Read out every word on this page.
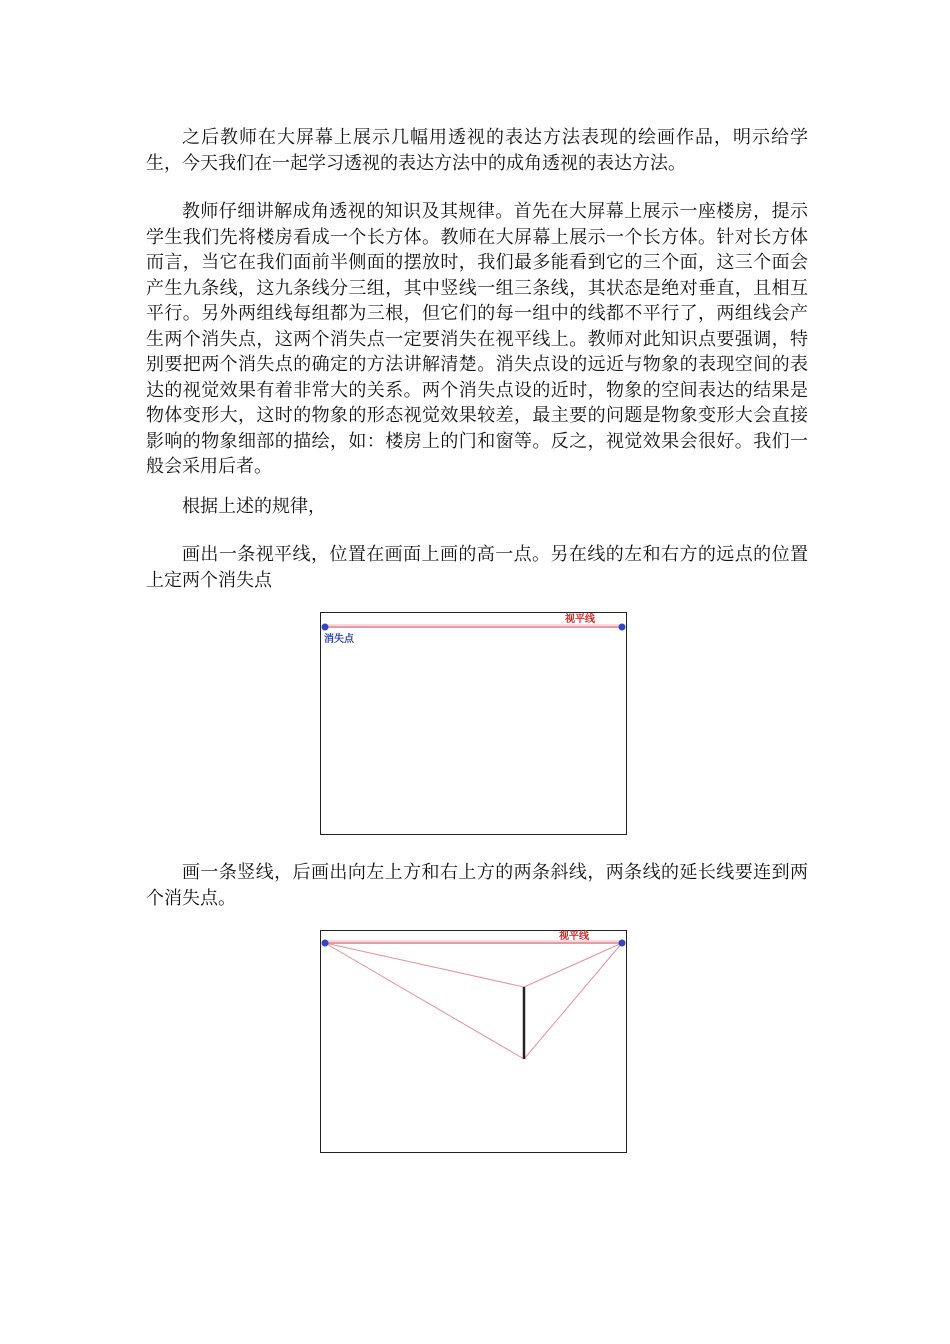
之后教师在大屏幕上展示几幅用透视的表达方法表现的绘画作品，明示给学生，今天我们在一起学习透视的表达方法中的成角透视的表达方法。

教师仔细讲解成角透视的知识及其规律。首先在大屏幕上展示一座楼房，提示学生我们先将楼房看成一个长方体。教师在大屏幕上展示一个长方体。针对长方体而言，当它在我们面前半侧面的摆放时，我们最多能看到它的三个面，这三个面会产生九条线，这九条线分三组，其中竖线一组三条线，其状态是绝对垂直，且相互平行。另外两组线每组都为三根，但它们的每一组中的线都不平行了，两组线会产生两个消失点，这两个消失点一定要消失在视平线上。教师对此知识点要强调，特别要把两个消失点的确定的方法讲解清楚。消失点设的远近与物象的表现空间的表达的视觉效果有着非常大的关系。两个消失点设的近时，物象的空间表达的结果是物体变形大，这时的物象的形态视觉效果较差，最主要的问题是物象变形大会直接影响的物象细部的描绘，如：楼房上的门和窗等。反之，视觉效果会很好。我们一般会采用后者。

根据上述的规律，

画出一条视平线，位置在画面上画的高一点。另在线的左和右方的远点的位置上定两个消失点

视平线
消失点

画一条竖线，后画出向左上方和右上方的两条斜线，两条线的延长线要连到两个消失点。

视平线
